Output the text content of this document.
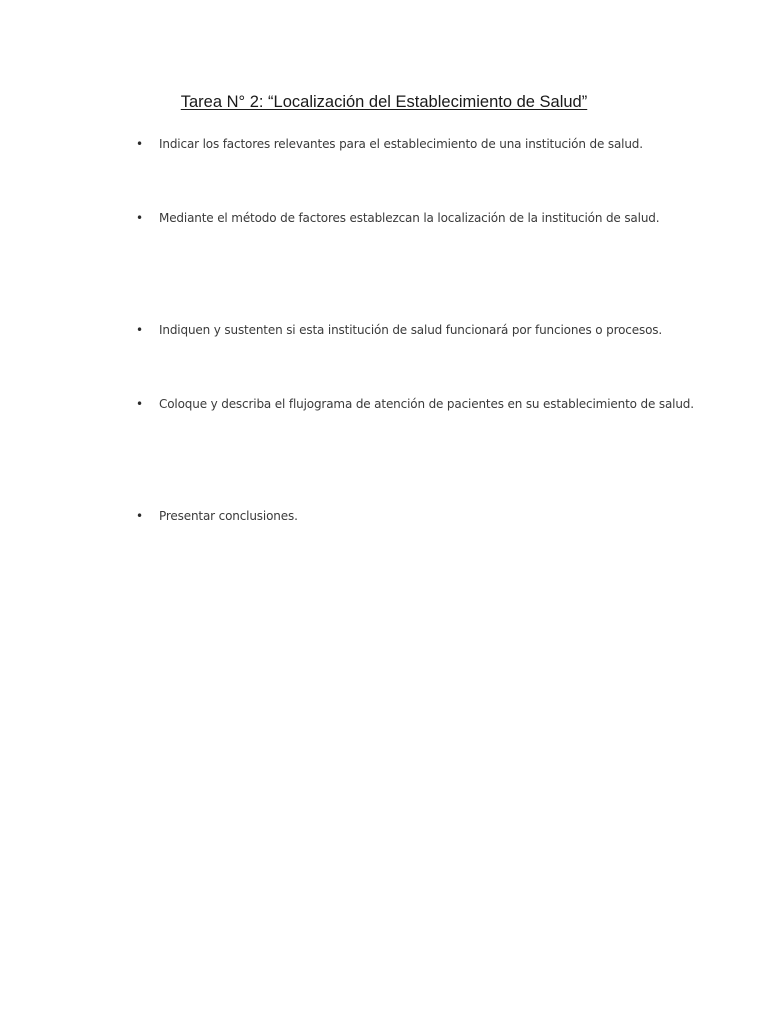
Tarea N° 2: “Localización del Establecimiento de Salud”
• Indicar los factores relevantes para el establecimiento de una institución de salud.
• Mediante el método de factores establezcan la localización de la institución de salud.
• Indiquen y sustenten si esta institución de salud funcionará por funciones o procesos.
• Coloque y describa el flujograma de atención de pacientes en su establecimiento de salud.
• Presentar conclusiones.
